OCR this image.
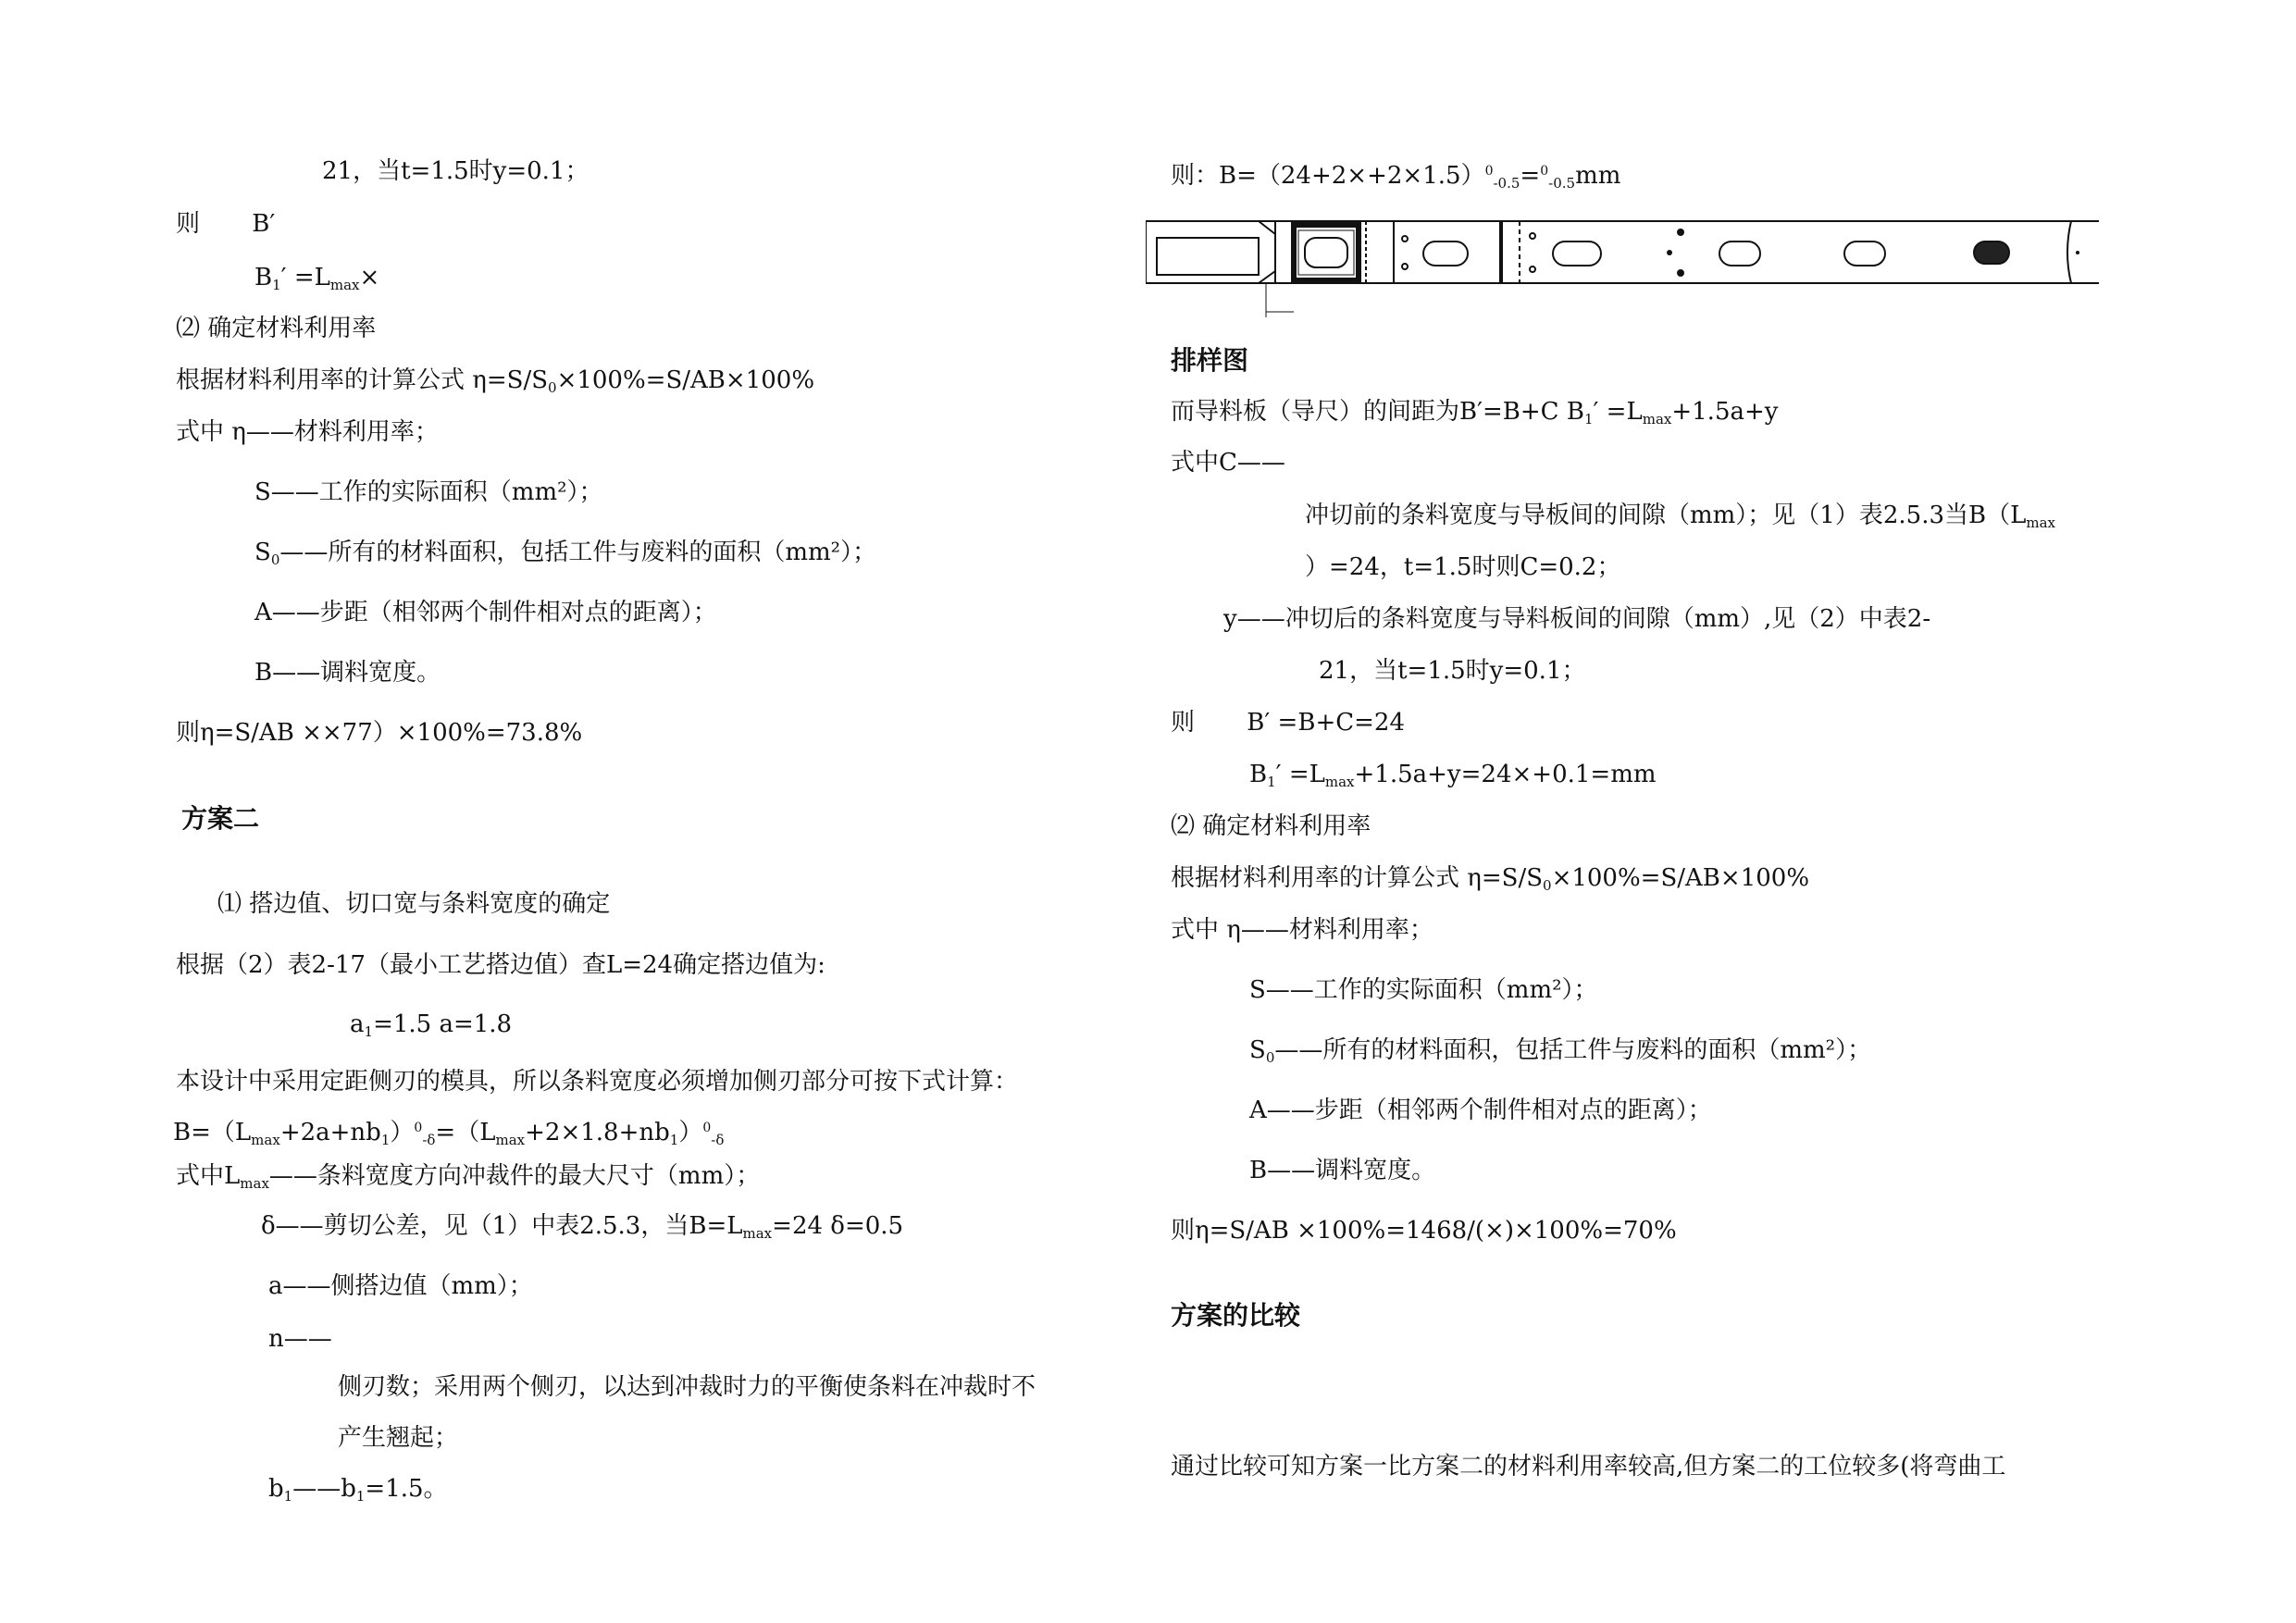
21，当t=1.5时y=0.1；
则 B′
$B_1' =L_{max}\times$
⑵ 确定材料利用率
根据材料利用率的计算公式 $\eta=S/S_0\times 100\%=S/AB\times 100\%$
式中 η——材料利用率；
S——工作的实际面积（mm²）；
$S_0——$所有的材料面积，包括工件与废料的面积（mm²）；
A——步距（相邻两个制件相对点的距离）；
B——调料宽度。
则η=S/AB ××77）×100%=73.8%
方案二
⑴ 搭边值、切口宽与条料宽度的确定
根据（2）表2-17（最小工艺搭边值）查L=24确定搭边值为:
$a_1=1.5$ a=1.8
本设计中采用定距侧刃的模具，所以条料宽度必须增加侧刃部分可按下式计算：
$B=(L_{max}+2a+nb_1)^0_{-\delta}=(L_{max}+2\times 1.8+nb_1)^0_{-\delta}$
式中$L_{max}——$条料宽度方向冲裁件的最大尺寸（mm）；
δ——剪切公差，见（1）中表2.5.3，当$B=L_{max}=24$ δ=0.5
a——侧搭边值（mm）；
n——
侧刃数；采用两个侧刃，以达到冲裁时力的平衡使条料在冲裁时不
产生翘起；
$b_1——b_1=1.5$。
则：$B=(24+2\times+2\times 1.5)^0_{-0.5}=^0_{-0.5}mm$
排样图
而导料板（导尺）的间距为B′=B+C $B_1' =L_{max}+1.5a+y$
式中C——
冲切前的条料宽度与导板间的间隙（mm）；见（1）表2.5.3当$B(L_{max}$
）=24，t=1.5时则C=0.2；
y——冲切后的条料宽度与导料板间的间隙（mm）,见（2）中表2-
21，当t=1.5时y=0.1；
则 B′ =B+C=24
$B_1' =L_{max}+1.5a+y=24\times+0.1=mm$
⑵ 确定材料利用率
根据材料利用率的计算公式 $\eta=S/S_0\times 100\%=S/AB\times 100\%$
式中 η——材料利用率；
S——工作的实际面积（mm²）；
$S_0——$所有的材料面积，包括工件与废料的面积（mm²）；
A——步距（相邻两个制件相对点的距离）；
B——调料宽度。
则η=S/AB ×100%=1468/(×)×100%=70%
方案的比较
通过比较可知方案一比方案二的材料利用率较高,但方案二的工位较多(将弯曲工
